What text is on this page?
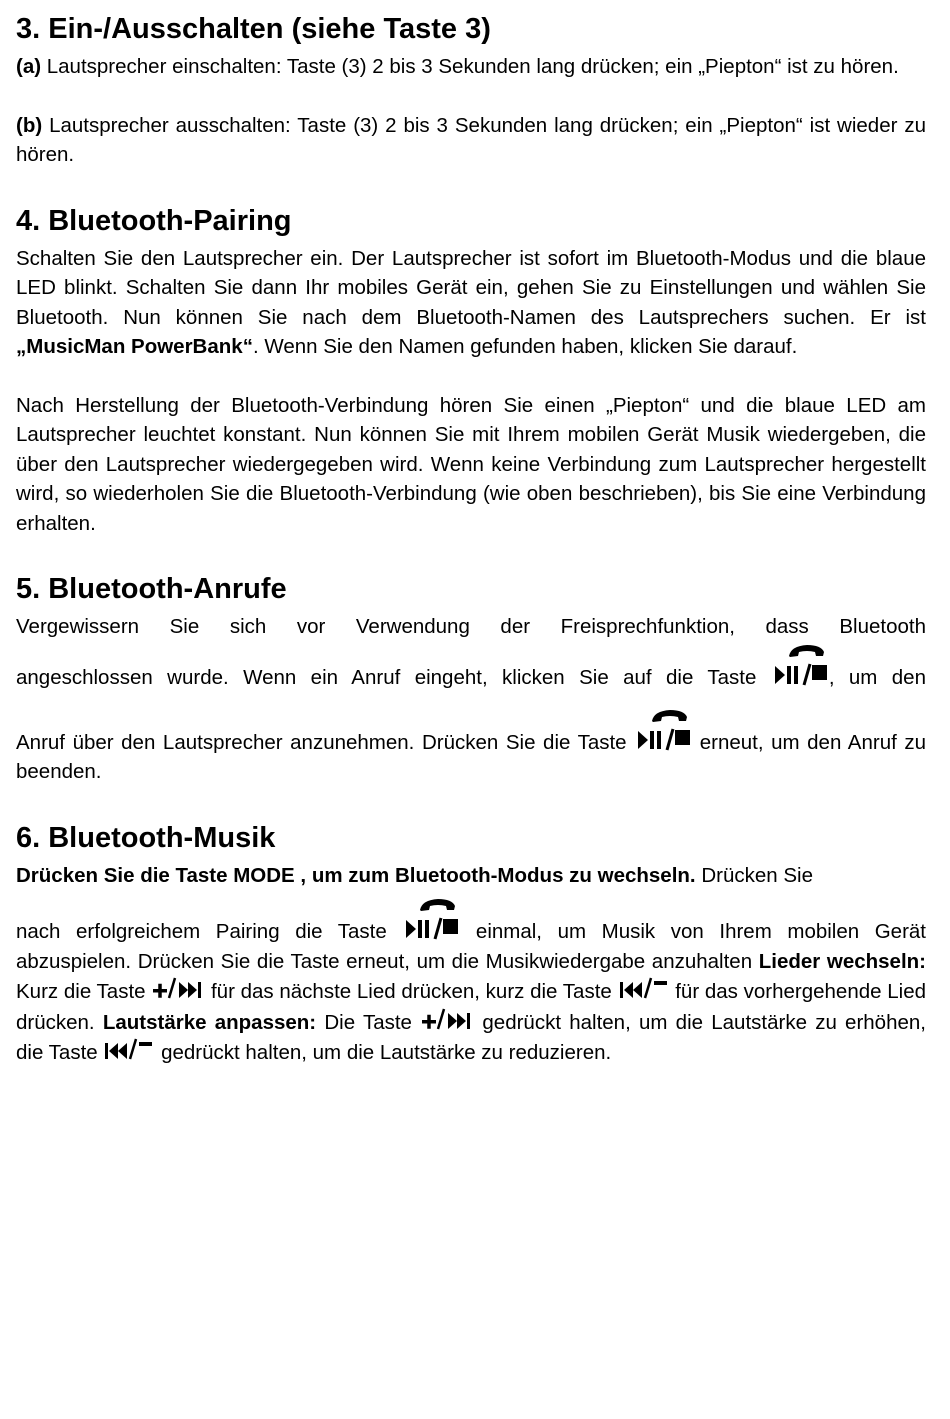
3. Ein-/Ausschalten (siehe Taste 3)

(a) Lautsprecher einschalten: Taste (3) 2 bis 3 Sekunden lang drücken; ein „Piepton“ ist zu hören.

(b) Lautsprecher ausschalten: Taste (3) 2 bis 3 Sekunden lang drücken; ein „Piepton“ ist wieder zu hören.

4. Bluetooth-Pairing

Schalten Sie den Lautsprecher ein. Der Lautsprecher ist sofort im Bluetooth-Modus und die blaue LED blinkt. Schalten Sie dann Ihr mobiles Gerät ein, gehen Sie zu Einstellungen und wählen Sie Bluetooth. Nun können Sie nach dem Bluetooth-Namen des Lautsprechers suchen. Er ist „MusicMan PowerBank“. Wenn Sie den Namen gefunden haben, klicken Sie darauf.

Nach Herstellung der Bluetooth-Verbindung hören Sie einen „Piepton“ und die blaue LED am Lautsprecher leuchtet konstant. Nun können Sie mit Ihrem mobilen Gerät Musik wiedergeben, die über den Lautsprecher wiedergegeben wird. Wenn keine Verbindung zum Lautsprecher hergestellt wird, so wiederholen Sie die Bluetooth-Verbindung (wie oben beschrieben), bis Sie eine Verbindung erhalten.

5. Bluetooth-Anrufe

Vergewissern Sie sich vor Verwendung der Freisprechfunktion, dass Bluetooth

angeschlossen wurde. Wenn ein Anruf eingeht, klicken Sie auf die Taste	, um den

Anruf über den Lautsprecher anzunehmen. Drücken Sie die Taste	erneut, um den Anruf zu beenden.

6. Bluetooth-Musik

Drücken Sie die Taste MODE , um zum Bluetooth-Modus zu wechseln. Drücken Sie
nach erfolgreichem Pairing die Taste	einmal, um Musik von Ihrem mobilen Gerät abzuspielen. Drücken Sie die Taste erneut, um die Musikwiedergabe anzuhalten Lieder wechseln: Kurz die Taste	für das nächste Lied drücken, kurz die Taste	für das vorhergehende Lied drücken. Lautstärke anpassen: Die Taste	gedrückt halten, um die Lautstärke zu erhöhen, die Taste	gedrückt halten, um die Lautstärke zu reduzieren.
